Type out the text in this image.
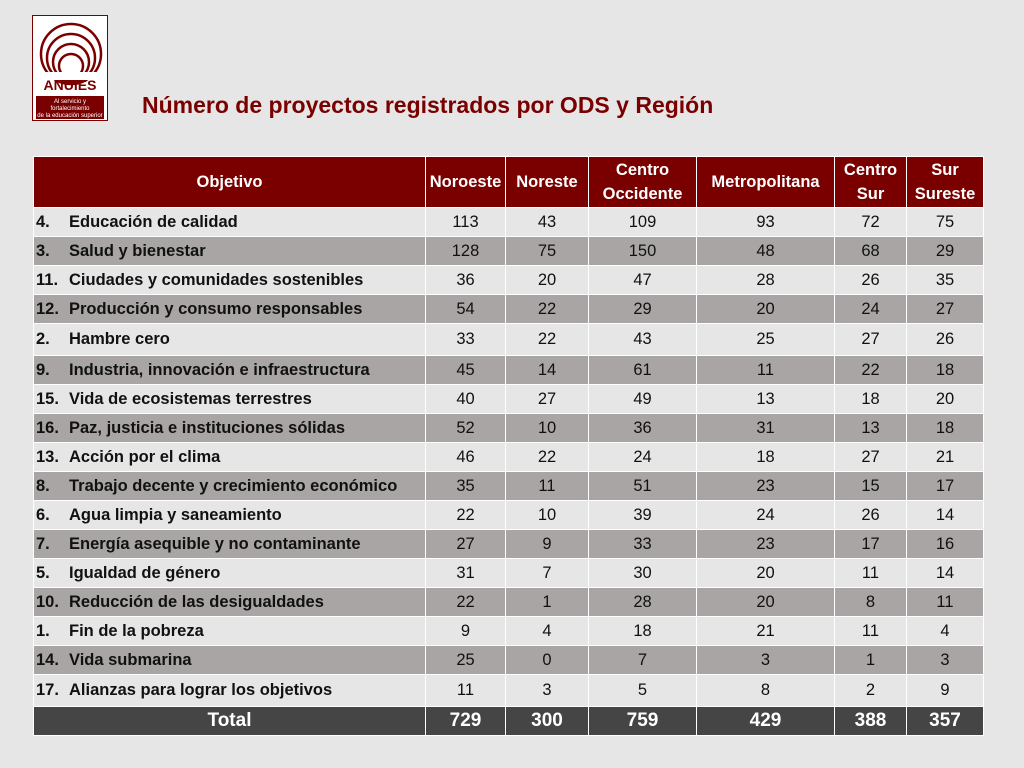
ANUIES
Al servicio y fortalecimiento
de la educación superior Número de proyectos registrados por ODS y Región
Objetivo	Noroeste	Noreste	Centro Occidente	Metropolitana	Centro Sur	Sur Sureste
4. Educación de calidad	113	43	109	93	72	75
3. Salud y bienestar	128	75	150	48	68	29
11. Ciudades y comunidades sostenibles	36	20	47	28	26	35
12. Producción y consumo responsables	54	22	29	20	24	27
2. Hambre cero	33	22	43	25	27	26
9. Industria, innovación e infraestructura	45	14	61	11	22	18
15. Vida de ecosistemas terrestres	40	27	49	13	18	20
16. Paz, justicia e instituciones sólidas	52	10	36	31	13	18
13. Acción por el clima	46	22	24	18	27	21
8. Trabajo decente y crecimiento económico	35	11	51	23	15	17
6. Agua limpia y saneamiento	22	10	39	24	26	14
7. Energía asequible y no contaminante	27	9	33	23	17	16
5. Igualdad de género	31	7	30	20	11	14
10. Reducción de las desigualdades	22	1	28	20	8	11
1. Fin de la pobreza	9	4	18	21	11	4
14. Vida submarina	25	0	7	3	1	3
17. Alianzas para lograr los objetivos	11	3	5	8	2	9
Total	729	300	759	429	388	357
